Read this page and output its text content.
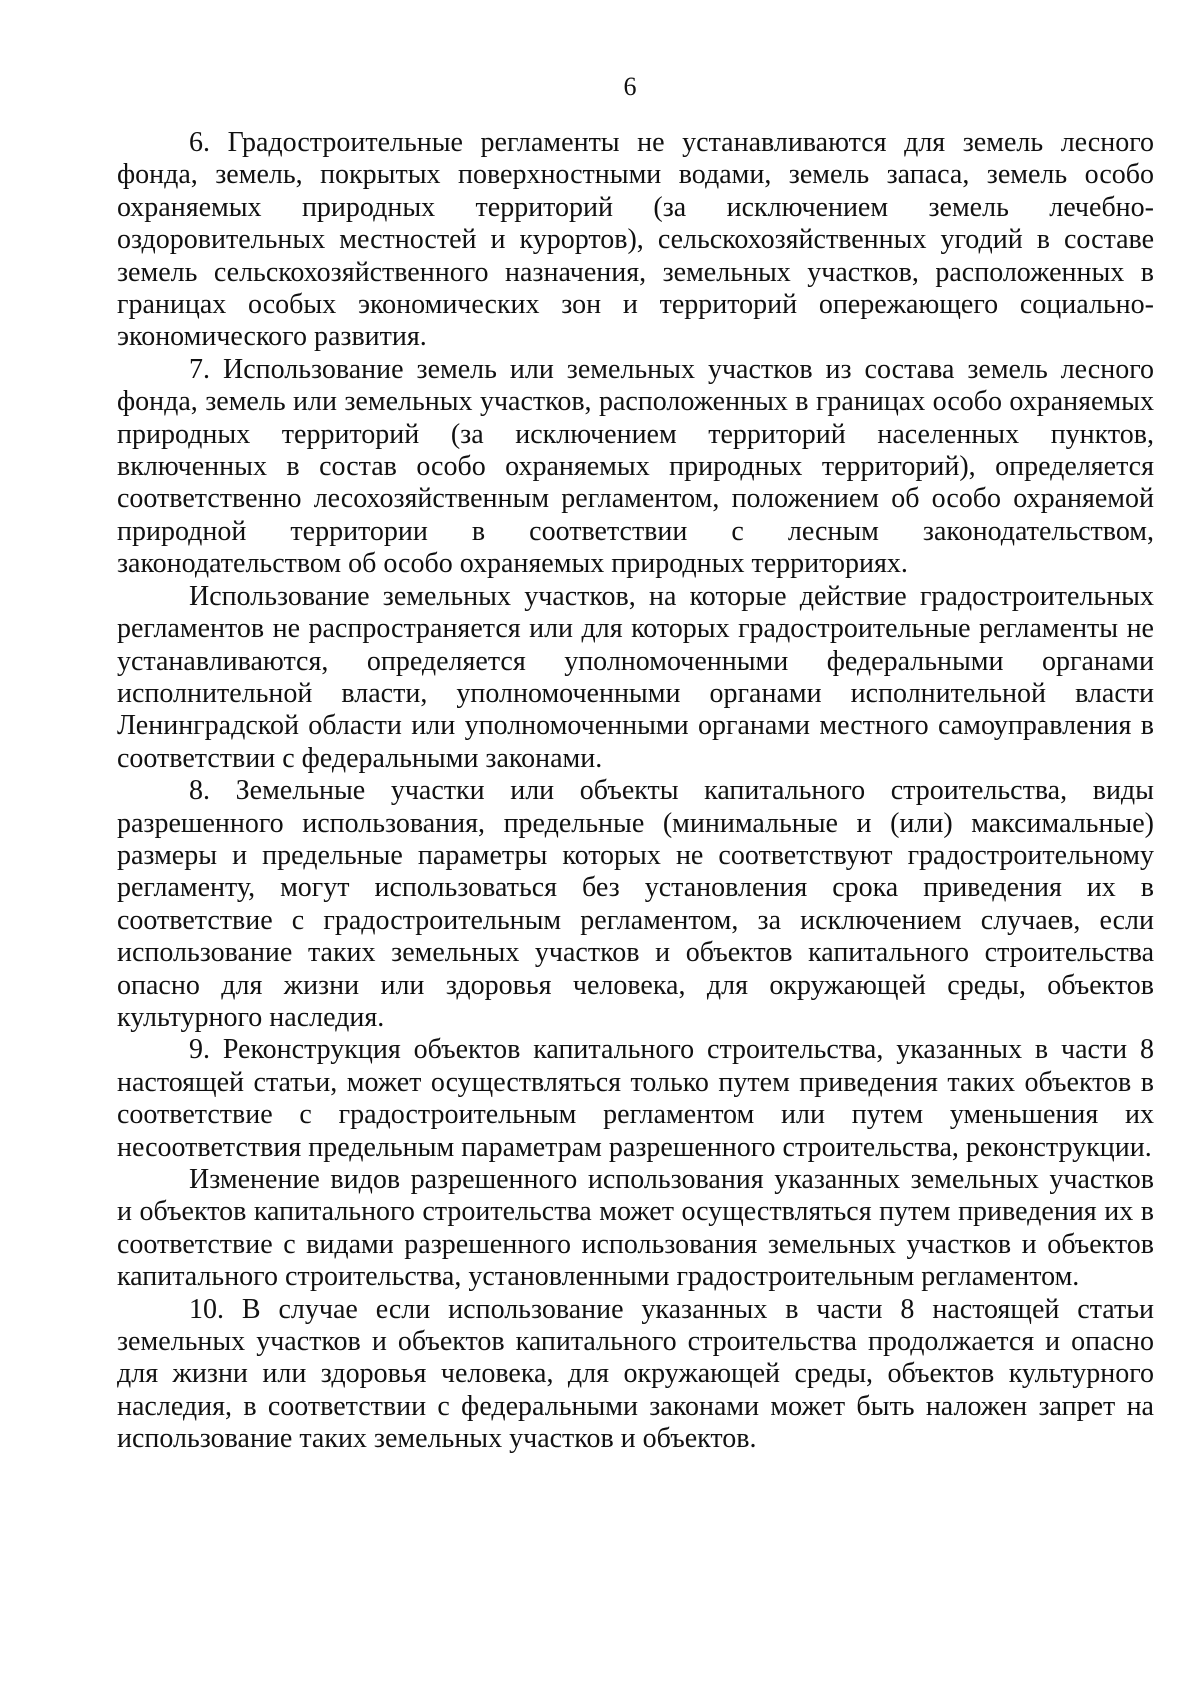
6

6. Градостроительные регламенты не устанавливаются для земель лесного фонда, земель, покрытых поверхностными водами, земель запаса, земель особо охраняемых природных территорий (за исключением земель лечебно-оздоровительных местностей и курортов), сельскохозяйственных угодий в составе земель сельскохозяйственного назначения, земельных участков, расположенных в границах особых экономических зон и территорий опережающего социально-экономического развития.

7. Использование земель или земельных участков из состава земель лесного фонда, земель или земельных участков, расположенных в границах особо охраняемых природных территорий (за исключением территорий населенных пунктов, включенных в состав особо охраняемых природных территорий), определяется соответственно лесохозяйственным регламентом, положением об особо охраняемой природной территории в соответствии с лесным законодательством, законодательством об особо охраняемых природных территориях.

Использование земельных участков, на которые действие градостроительных регламентов не распространяется или для которых градостроительные регламенты не устанавливаются, определяется уполномоченными федеральными органами исполнительной власти, уполномоченными органами исполнительной власти Ленинградской области или уполномоченными органами местного самоуправления в соответствии с федеральными законами.

8. Земельные участки или объекты капитального строительства, виды разрешенного использования, предельные (минимальные и (или) максимальные) размеры и предельные параметры которых не соответствуют градостроительному регламенту, могут использоваться без установления срока приведения их в соответствие с градостроительным регламентом, за исключением случаев, если использование таких земельных участков и объектов капитального строительства опасно для жизни или здоровья человека, для окружающей среды, объектов культурного наследия.

9. Реконструкция объектов капитального строительства, указанных в части 8 настоящей статьи, может осуществляться только путем приведения таких объектов в соответствие с градостроительным регламентом или путем уменьшения их несоответствия предельным параметрам разрешенного строительства, реконструкции.

Изменение видов разрешенного использования указанных земельных участков и объектов капитального строительства может осуществляться путем приведения их в соответствие с видами разрешенного использования земельных участков и объектов капитального строительства, установленными градостроительным регламентом.

10. В случае если использование указанных в части 8 настоящей статьи земельных участков и объектов капитального строительства продолжается и опасно для жизни или здоровья человека, для окружающей среды, объектов культурного наследия, в соответствии с федеральными законами может быть наложен запрет на использование таких земельных участков и объектов.
